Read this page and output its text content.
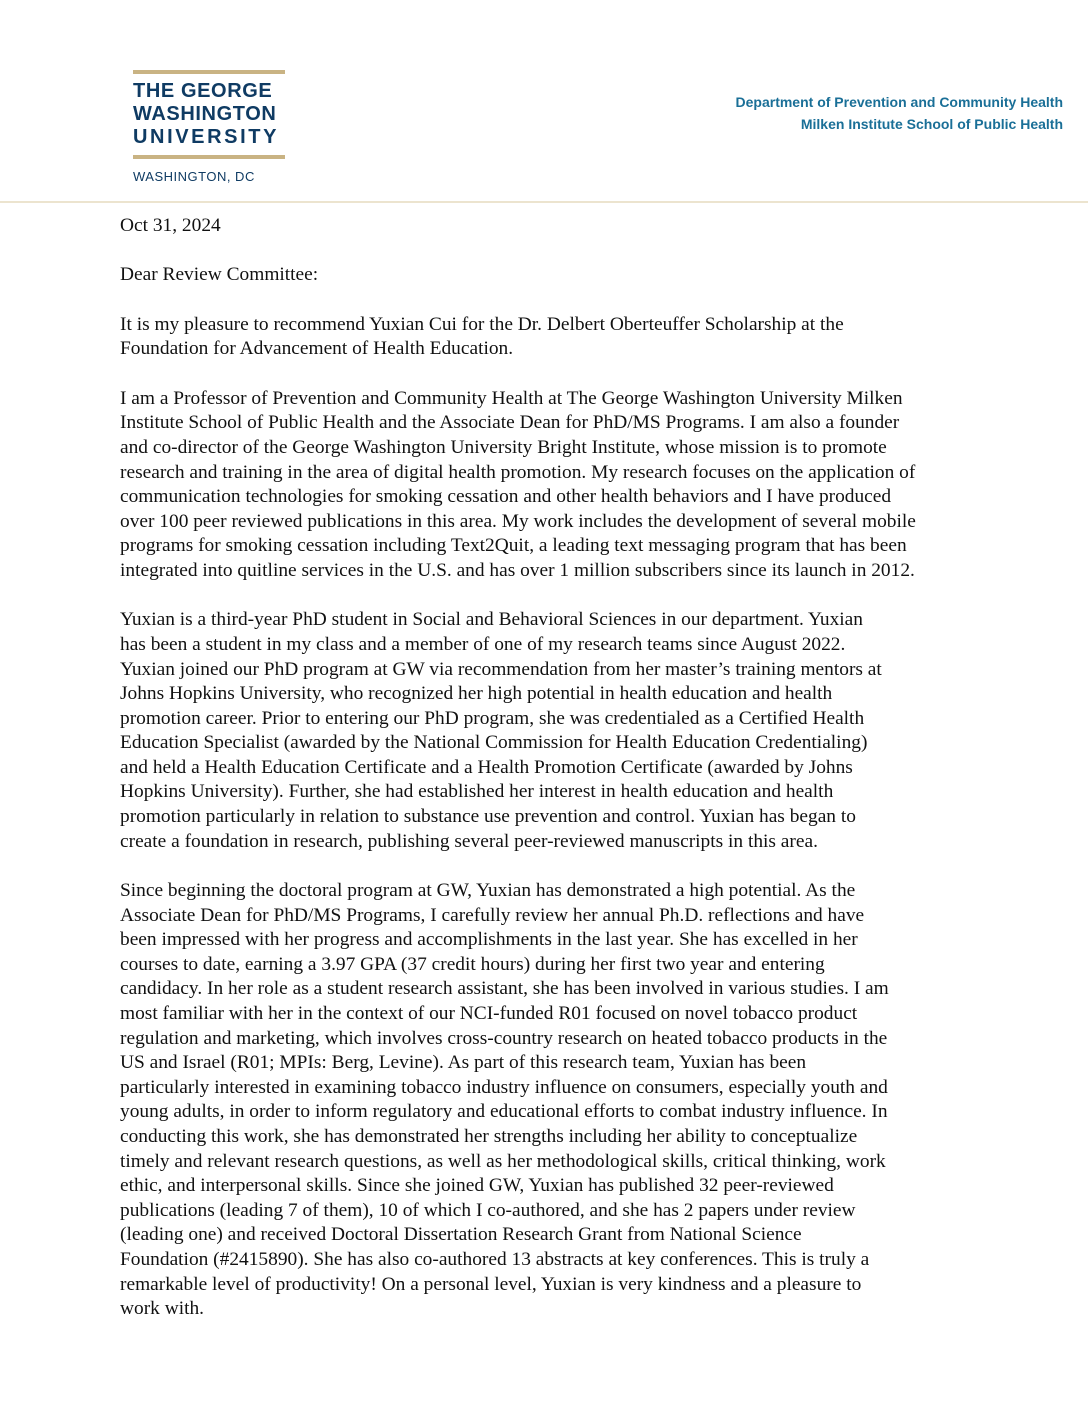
THE GEORGE
WASHINGTON
UNIVERSITY
WASHINGTON, DC
Department of Prevention and Community Health
Milken Institute School of Public Health

Oct 31, 2024

Dear Review Committee:

It is my pleasure to recommend Yuxian Cui for the Dr. Delbert Oberteuffer Scholarship at the
Foundation for Advancement of Health Education.

I am a Professor of Prevention and Community Health at The George Washington University Milken
Institute School of Public Health and the Associate Dean for PhD/MS Programs. I am also a founder
and co-director of the George Washington University Bright Institute, whose mission is to promote
research and training in the area of digital health promotion. My research focuses on the application of
communication technologies for smoking cessation and other health behaviors and I have produced
over 100 peer reviewed publications in this area. My work includes the development of several mobile
programs for smoking cessation including Text2Quit, a leading text messaging program that has been
integrated into quitline services in the U.S. and has over 1 million subscribers since its launch in 2012.

Yuxian is a third-year PhD student in Social and Behavioral Sciences in our department. Yuxian
has been a student in my class and a member of one of my research teams since August 2022.
Yuxian joined our PhD program at GW via recommendation from her master’s training mentors at
Johns Hopkins University, who recognized her high potential in health education and health
promotion career. Prior to entering our PhD program, she was credentialed as a Certified Health
Education Specialist (awarded by the National Commission for Health Education Credentialing)
and held a Health Education Certificate and a Health Promotion Certificate (awarded by Johns
Hopkins University). Further, she had established her interest in health education and health
promotion particularly in relation to substance use prevention and control. Yuxian has began to
create a foundation in research, publishing several peer-reviewed manuscripts in this area.

Since beginning the doctoral program at GW, Yuxian has demonstrated a high potential. As the
Associate Dean for PhD/MS Programs, I carefully review her annual Ph.D. reflections and have
been impressed with her progress and accomplishments in the last year. She has excelled in her
courses to date, earning a 3.97 GPA (37 credit hours) during her first two year and entering
candidacy. In her role as a student research assistant, she has been involved in various studies. I am
most familiar with her in the context of our NCI-funded R01 focused on novel tobacco product
regulation and marketing, which involves cross-country research on heated tobacco products in the
US and Israel (R01; MPIs: Berg, Levine). As part of this research team, Yuxian has been
particularly interested in examining tobacco industry influence on consumers, especially youth and
young adults, in order to inform regulatory and educational efforts to combat industry influence. In
conducting this work, she has demonstrated her strengths including her ability to conceptualize
timely and relevant research questions, as well as her methodological skills, critical thinking, work
ethic, and interpersonal skills. Since she joined GW, Yuxian has published 32 peer-reviewed
publications (leading 7 of them), 10 of which I co-authored, and she has 2 papers under review
(leading one) and received Doctoral Dissertation Research Grant from National Science
Foundation (#2415890). She has also co-authored 13 abstracts at key conferences. This is truly a
remarkable level of productivity! On a personal level, Yuxian is very kindness and a pleasure to
work with.
